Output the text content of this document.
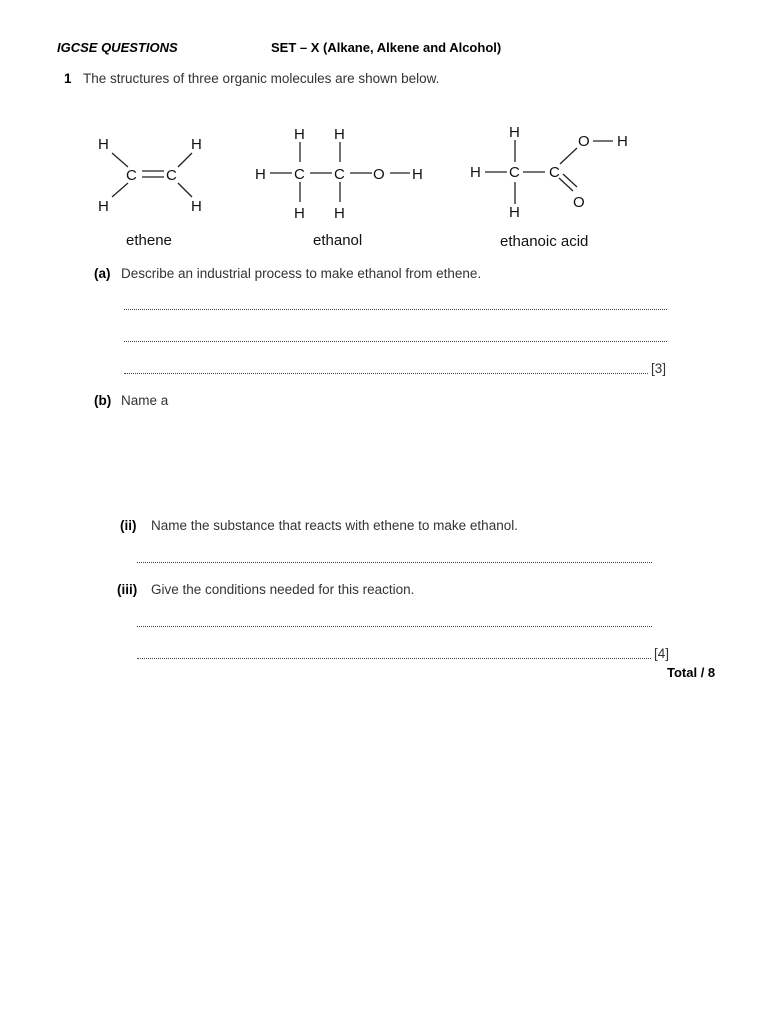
IGCSE QUESTIONS	SET – X (Alkane, Alkene and Alcohol)
1 The structures of three organic molecules are shown below.
H
H
C C
H
H
ethene
H H
H C C O H
H H
ethanol
H
H C C
O H
O
H
ethanoic acid
(a) Describe an industrial process to make ethanol from ethene.
[3]
(b) Name a
(ii) Name the substance that reacts with ethene to make ethanol.
(iii) Give the conditions needed for this reaction.
[4]
Total / 8
